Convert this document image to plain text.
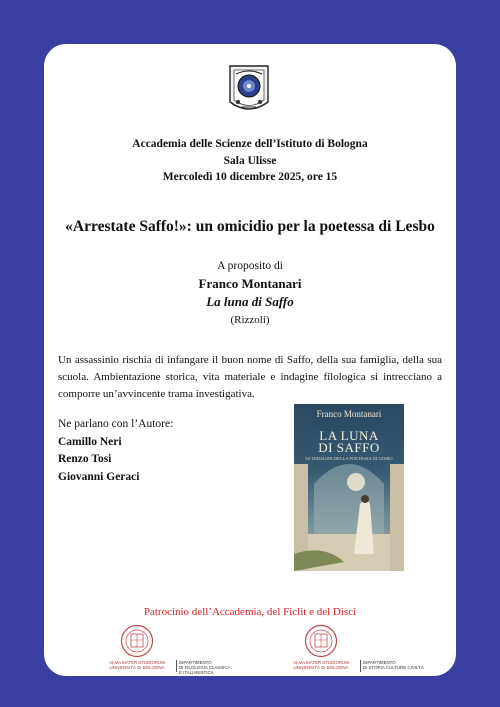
Accademia delle Scienze dell’Istituto di Bologna
Sala Ulisse
Mercoledì 10 dicembre 2025, ore 15
«Arrestate Saffo!»: un omicidio per la poetessa di Lesbo
A proposito di
Franco Montanari
La luna di Saffo
(Rizzoli)
Un assassinio rischia di infangare il buon nome di Saffo, della sua famiglia, della sua scuola. Ambientazione storica, vita materiale e indagine filologica si intrecciano a comporre un’avvincente trama investigativa.
Ne parlano con l’Autore:
Camillo Neri
Renzo Tosi
Giovanni Geraci
Franco Montanari
LA LUNA
DI SAFFO
LE INDAGINI DELLA POETESSA DI LESBO
Patrocinio dell’Accademia, del Ficlit e del Disci
ALMA MATER STUDIORUM
UNIVERSITÀ DI BOLOGNA
DIPARTIMENTO
DI FILOLOGIA CLASSICA
E ITALIANISTICA
ALMA MATER STUDIORUM
UNIVERSITÀ DI BOLOGNA
DIPARTIMENTO
DI STORIA CULTURE CIVILTÀ
